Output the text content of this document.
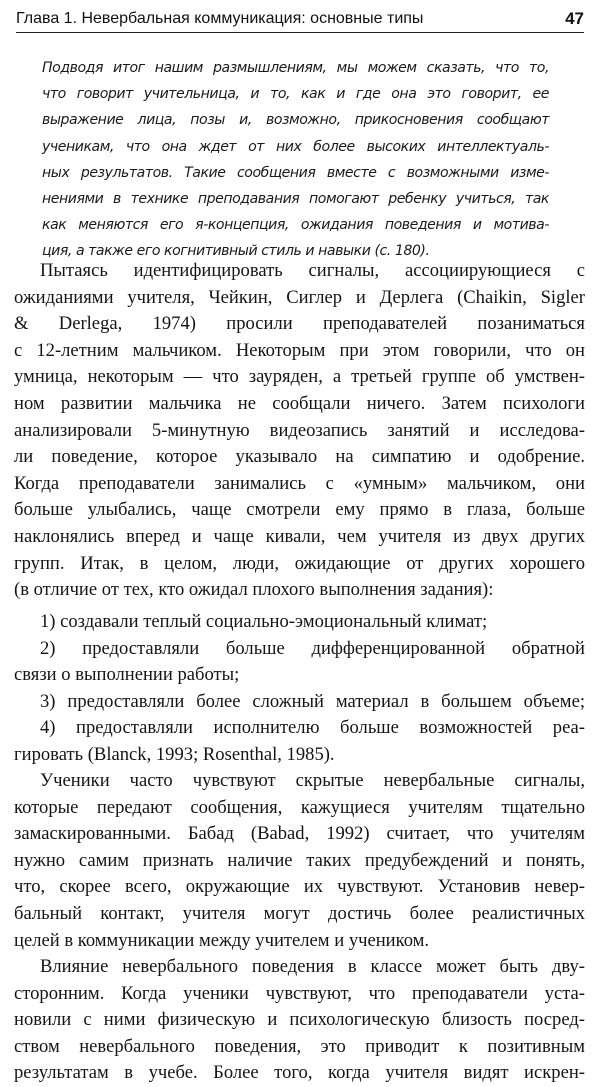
Глава 1. Невербальная коммуникация: основные типы	47
Подводя итог нашим размышлениям, мы можем сказать, что то,
что говорит учительница, и то, как и где она это говорит, ее
выражение лица, позы и, возможно, прикосновения сообщают
ученикам, что она ждет от них более высоких интеллектуаль-
ных результатов. Такие сообщения вместе с возможными изме-
нениями в технике преподавания помогают ребенку учиться, так
как меняются его я-концепция, ожидания поведения и мотива-
ция, а также его когнитивный стиль и навыки (с. 180).
Пытаясь идентифицировать сигналы, ассоциирующиеся с
ожиданиями учителя, Чейкин, Сиглер и Дерлега (Chaikin, Sigler
& Derlega, 1974) просили преподавателей позаниматься
с 12-летним мальчиком. Некоторым при этом говорили, что он
умница, некоторым — что зауряден, а третьей группе об умствен-
ном развитии мальчика не сообщали ничего. Затем психологи
анализировали 5-минутную видеозапись занятий и исследова-
ли поведение, которое указывало на симпатию и одобрение.
Когда преподаватели занимались с «умным» мальчиком, они
больше улыбались, чаще смотрели ему прямо в глаза, больше
наклонялись вперед и чаще кивали, чем учителя из двух других
групп. Итак, в целом, люди, ожидающие от других хорошего
(в отличие от тех, кто ожидал плохого выполнения задания):
1) создавали теплый социально-эмоциональный климат;
2) предоставляли больше дифференцированной обратной
связи о выполнении работы;
3) предоставляли более сложный материал в большем объеме;
4) предоставляли исполнителю больше возможностей реа-
гировать (Blanck, 1993; Rosenthal, 1985).
Ученики часто чувствуют скрытые невербальные сигналы,
которые передают сообщения, кажущиеся учителям тщательно
замаскированными. Бабад (Babad, 1992) считает, что учителям
нужно самим признать наличие таких предубеждений и понять,
что, скорее всего, окружающие их чувствуют. Установив невер-
бальный контакт, учителя могут достичь более реалистичных
целей в коммуникации между учителем и учеником.
Влияние невербального поведения в классе может быть дву-
сторонним. Когда ученики чувствуют, что преподаватели уста-
новили с ними физическую и психологическую близость посред-
ством невербального поведения, это приводит к позитивным
результатам в учебе. Более того, когда учителя видят искрен-
